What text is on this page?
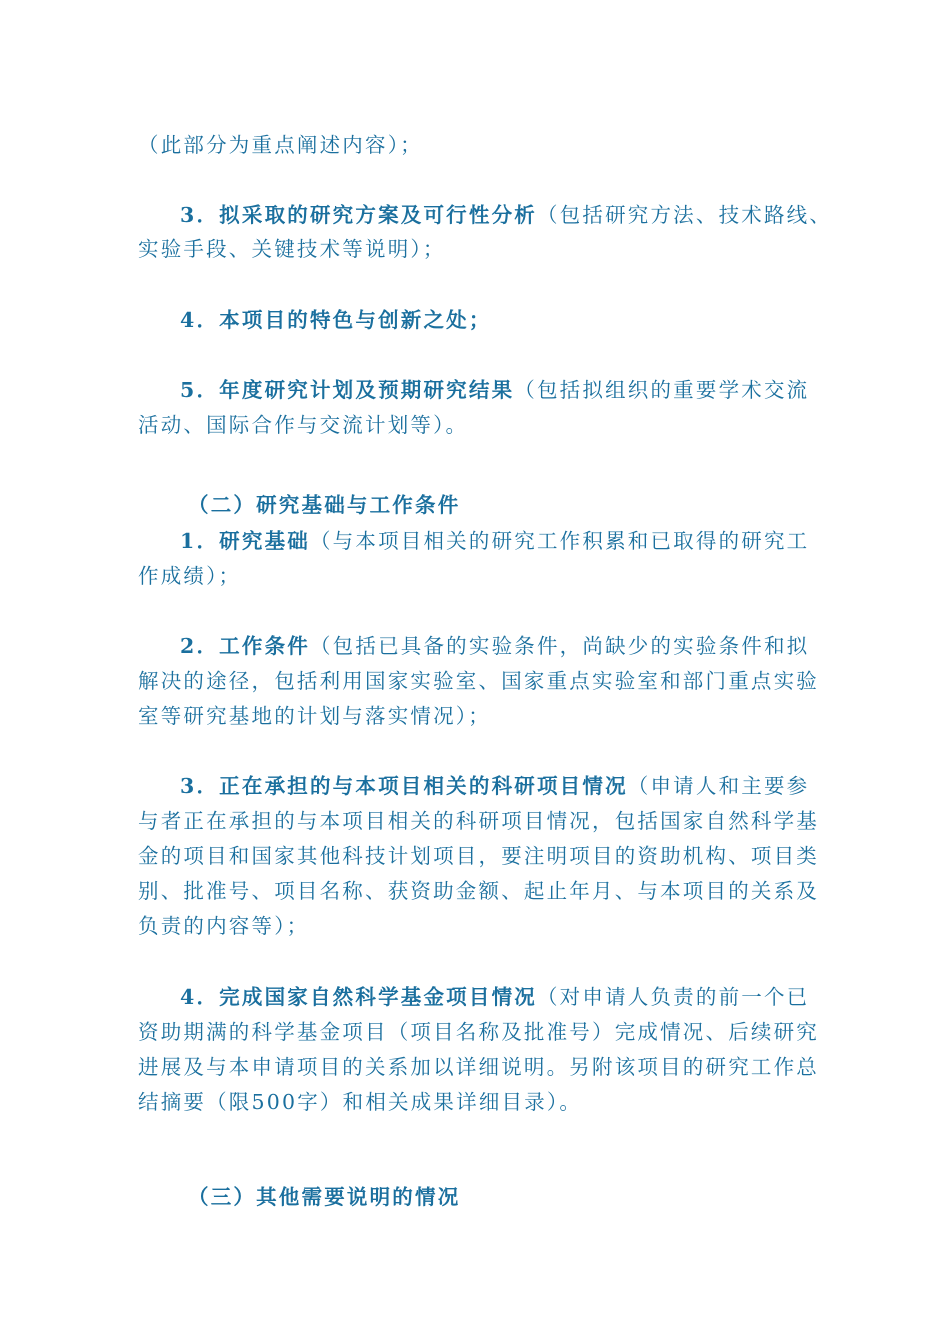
（此部分为重点阐述内容）；
3．拟采取的研究方案及可行性分析（包括研究方法、技术路线、
实验手段、关键技术等说明）；
4．本项目的特色与创新之处；
5．年度研究计划及预期研究结果（包括拟组织的重要学术交流
活动、国际合作与交流计划等）。
（二）研究基础与工作条件
1．研究基础（与本项目相关的研究工作积累和已取得的研究工
作成绩）；
2．工作条件（包括已具备的实验条件，尚缺少的实验条件和拟
解决的途径，包括利用国家实验室、国家重点实验室和部门重点实验
室等研究基地的计划与落实情况）；
3．正在承担的与本项目相关的科研项目情况（申请人和主要参
与者正在承担的与本项目相关的科研项目情况，包括国家自然科学基
金的项目和国家其他科技计划项目，要注明项目的资助机构、项目类
别、批准号、项目名称、获资助金额、起止年月、与本项目的关系及
负责的内容等）；
4．完成国家自然科学基金项目情况（对申请人负责的前一个已
资助期满的科学基金项目（项目名称及批准号）完成情况、后续研究
进展及与本申请项目的关系加以详细说明。另附该项目的研究工作总
结摘要（限500字）和相关成果详细目录）。
（三）其他需要说明的情况
